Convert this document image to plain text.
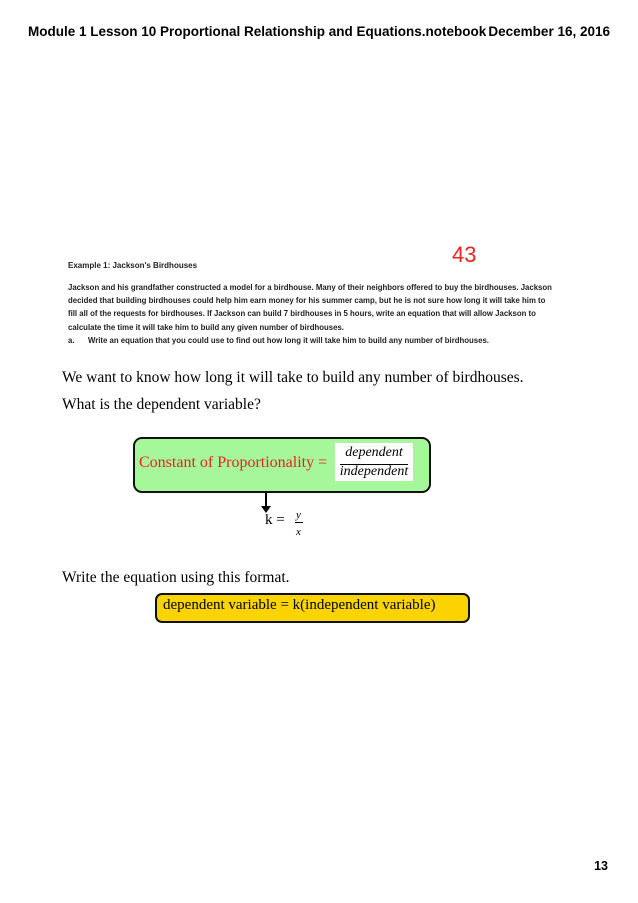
Module 1 Lesson 10 Proportional Relationship and Equations.notebook December 16, 2016
43
Example 1: Jackson's Birdhouses
Jackson and his grandfather constructed a model for a birdhouse. Many of their neighbors offered to buy the birdhouses. Jackson decided that building birdhouses could help him earn money for his summer camp, but he is not sure how long it will take him to fill all of the requests for birdhouses. If Jackson can build 7 birdhouses in 5 hours, write an equation that will allow Jackson to calculate the time it will take him to build any given number of birdhouses.
a. Write an equation that you could use to find out how long it will take him to build any number of birdhouses.
We want to know how long it will take to build any number of birdhouses.
What is the dependent variable?
Constant of Proportionality =
dependent
independent
k = y
x
Write the equation using this format.
dependent variable = k(independent variable)
13
